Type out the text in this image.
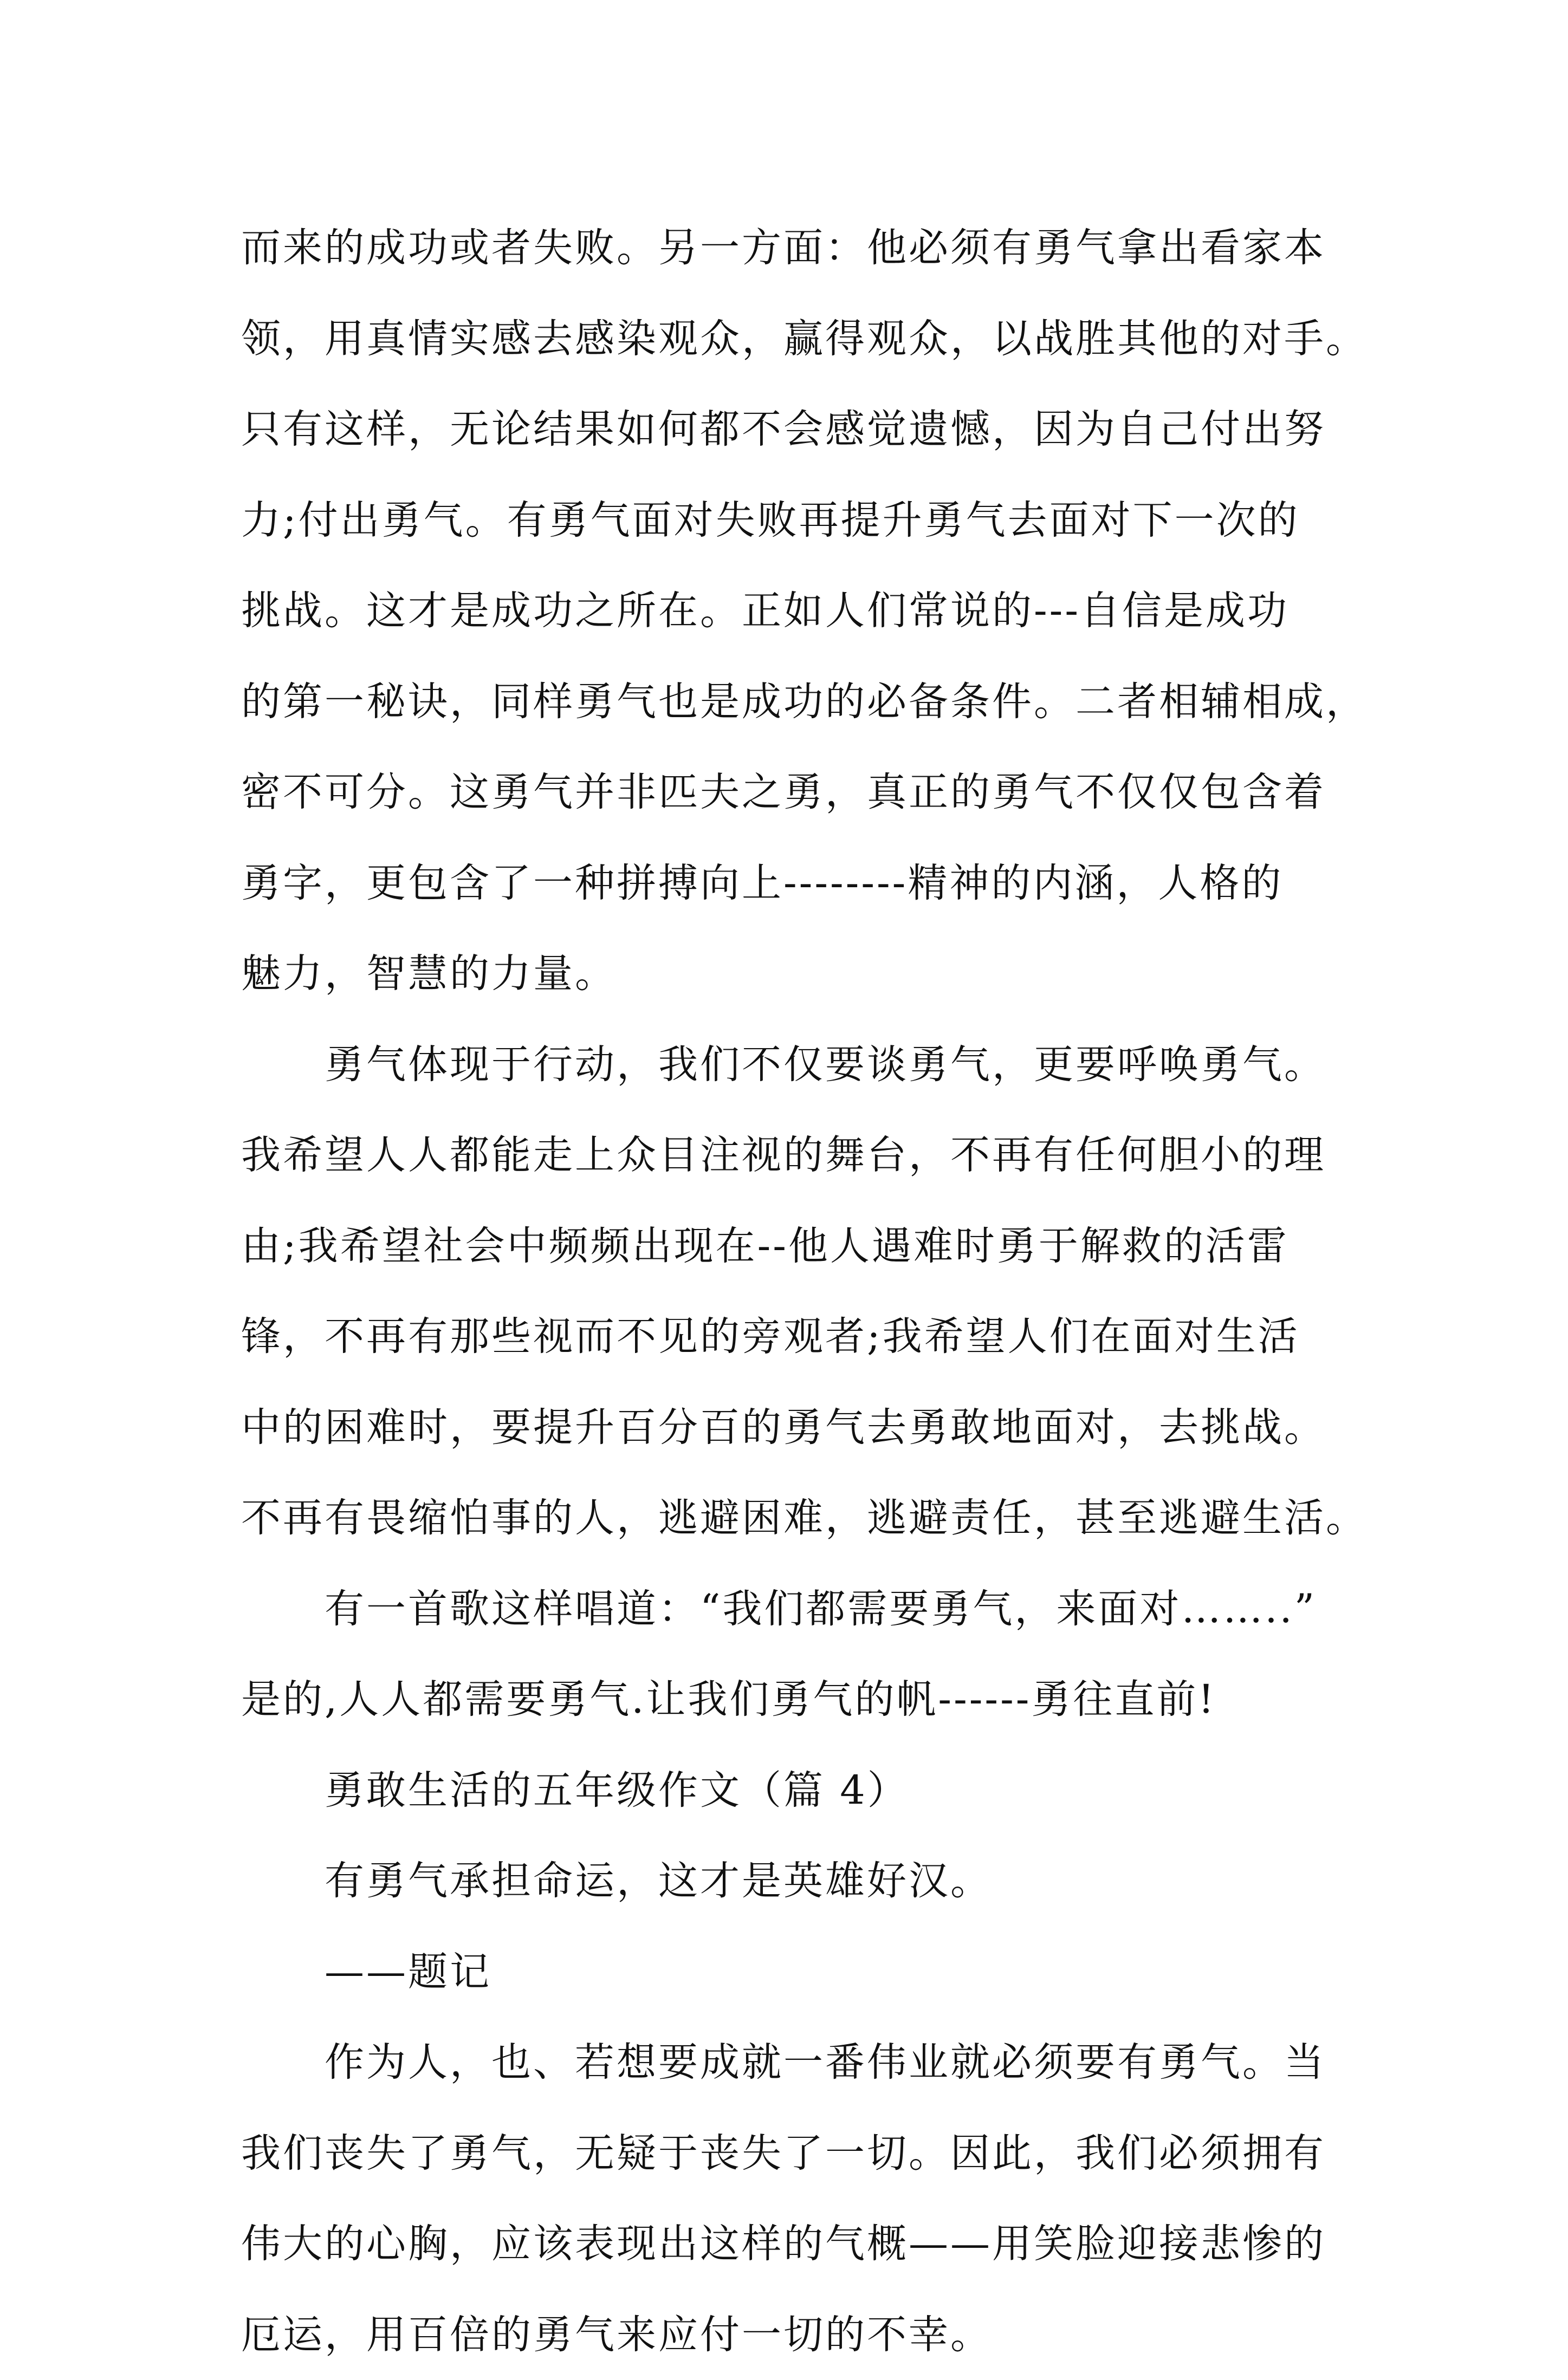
而来的成功或者失败。另一方面：他必须有勇气拿出看家本
领，用真情实感去感染观众，赢得观众，以战胜其他的对手。
只有这样，无论结果如何都不会感觉遗憾，因为自己付出努
力;付出勇气。有勇气面对失败再提升勇气去面对下一次的
挑战。这才是成功之所在。正如人们常说的---自信是成功
的第一秘诀，同样勇气也是成功的必备条件。二者相辅相成，
密不可分。这勇气并非匹夫之勇，真正的勇气不仅仅包含着
勇字，更包含了一种拼搏向上--------精神的内涵，人格的
魅力，智慧的力量。
勇气体现于行动，我们不仅要谈勇气，更要呼唤勇气。
我希望人人都能走上众目注视的舞台，不再有任何胆小的理
由;我希望社会中频频出现在--他人遇难时勇于解救的活雷
锋，不再有那些视而不见的旁观者;我希望人们在面对生活
中的困难时，要提升百分百的勇气去勇敢地面对，去挑战。
不再有畏缩怕事的人，逃避困难，逃避责任，甚至逃避生活。
有一首歌这样唱道：“我们都需要勇气，来面对……..”
是的,人人都需要勇气.让我们勇气的帆------勇往直前!
勇敢生活的五年级作文（篇 4）
有勇气承担命运，这才是英雄好汉。
——题记
作为人，也、若想要成就一番伟业就必须要有勇气。当
我们丧失了勇气，无疑于丧失了一切。因此，我们必须拥有
伟大的心胸，应该表现出这样的气概——用笑脸迎接悲惨的
厄运，用百倍的勇气来应付一切的不幸。
